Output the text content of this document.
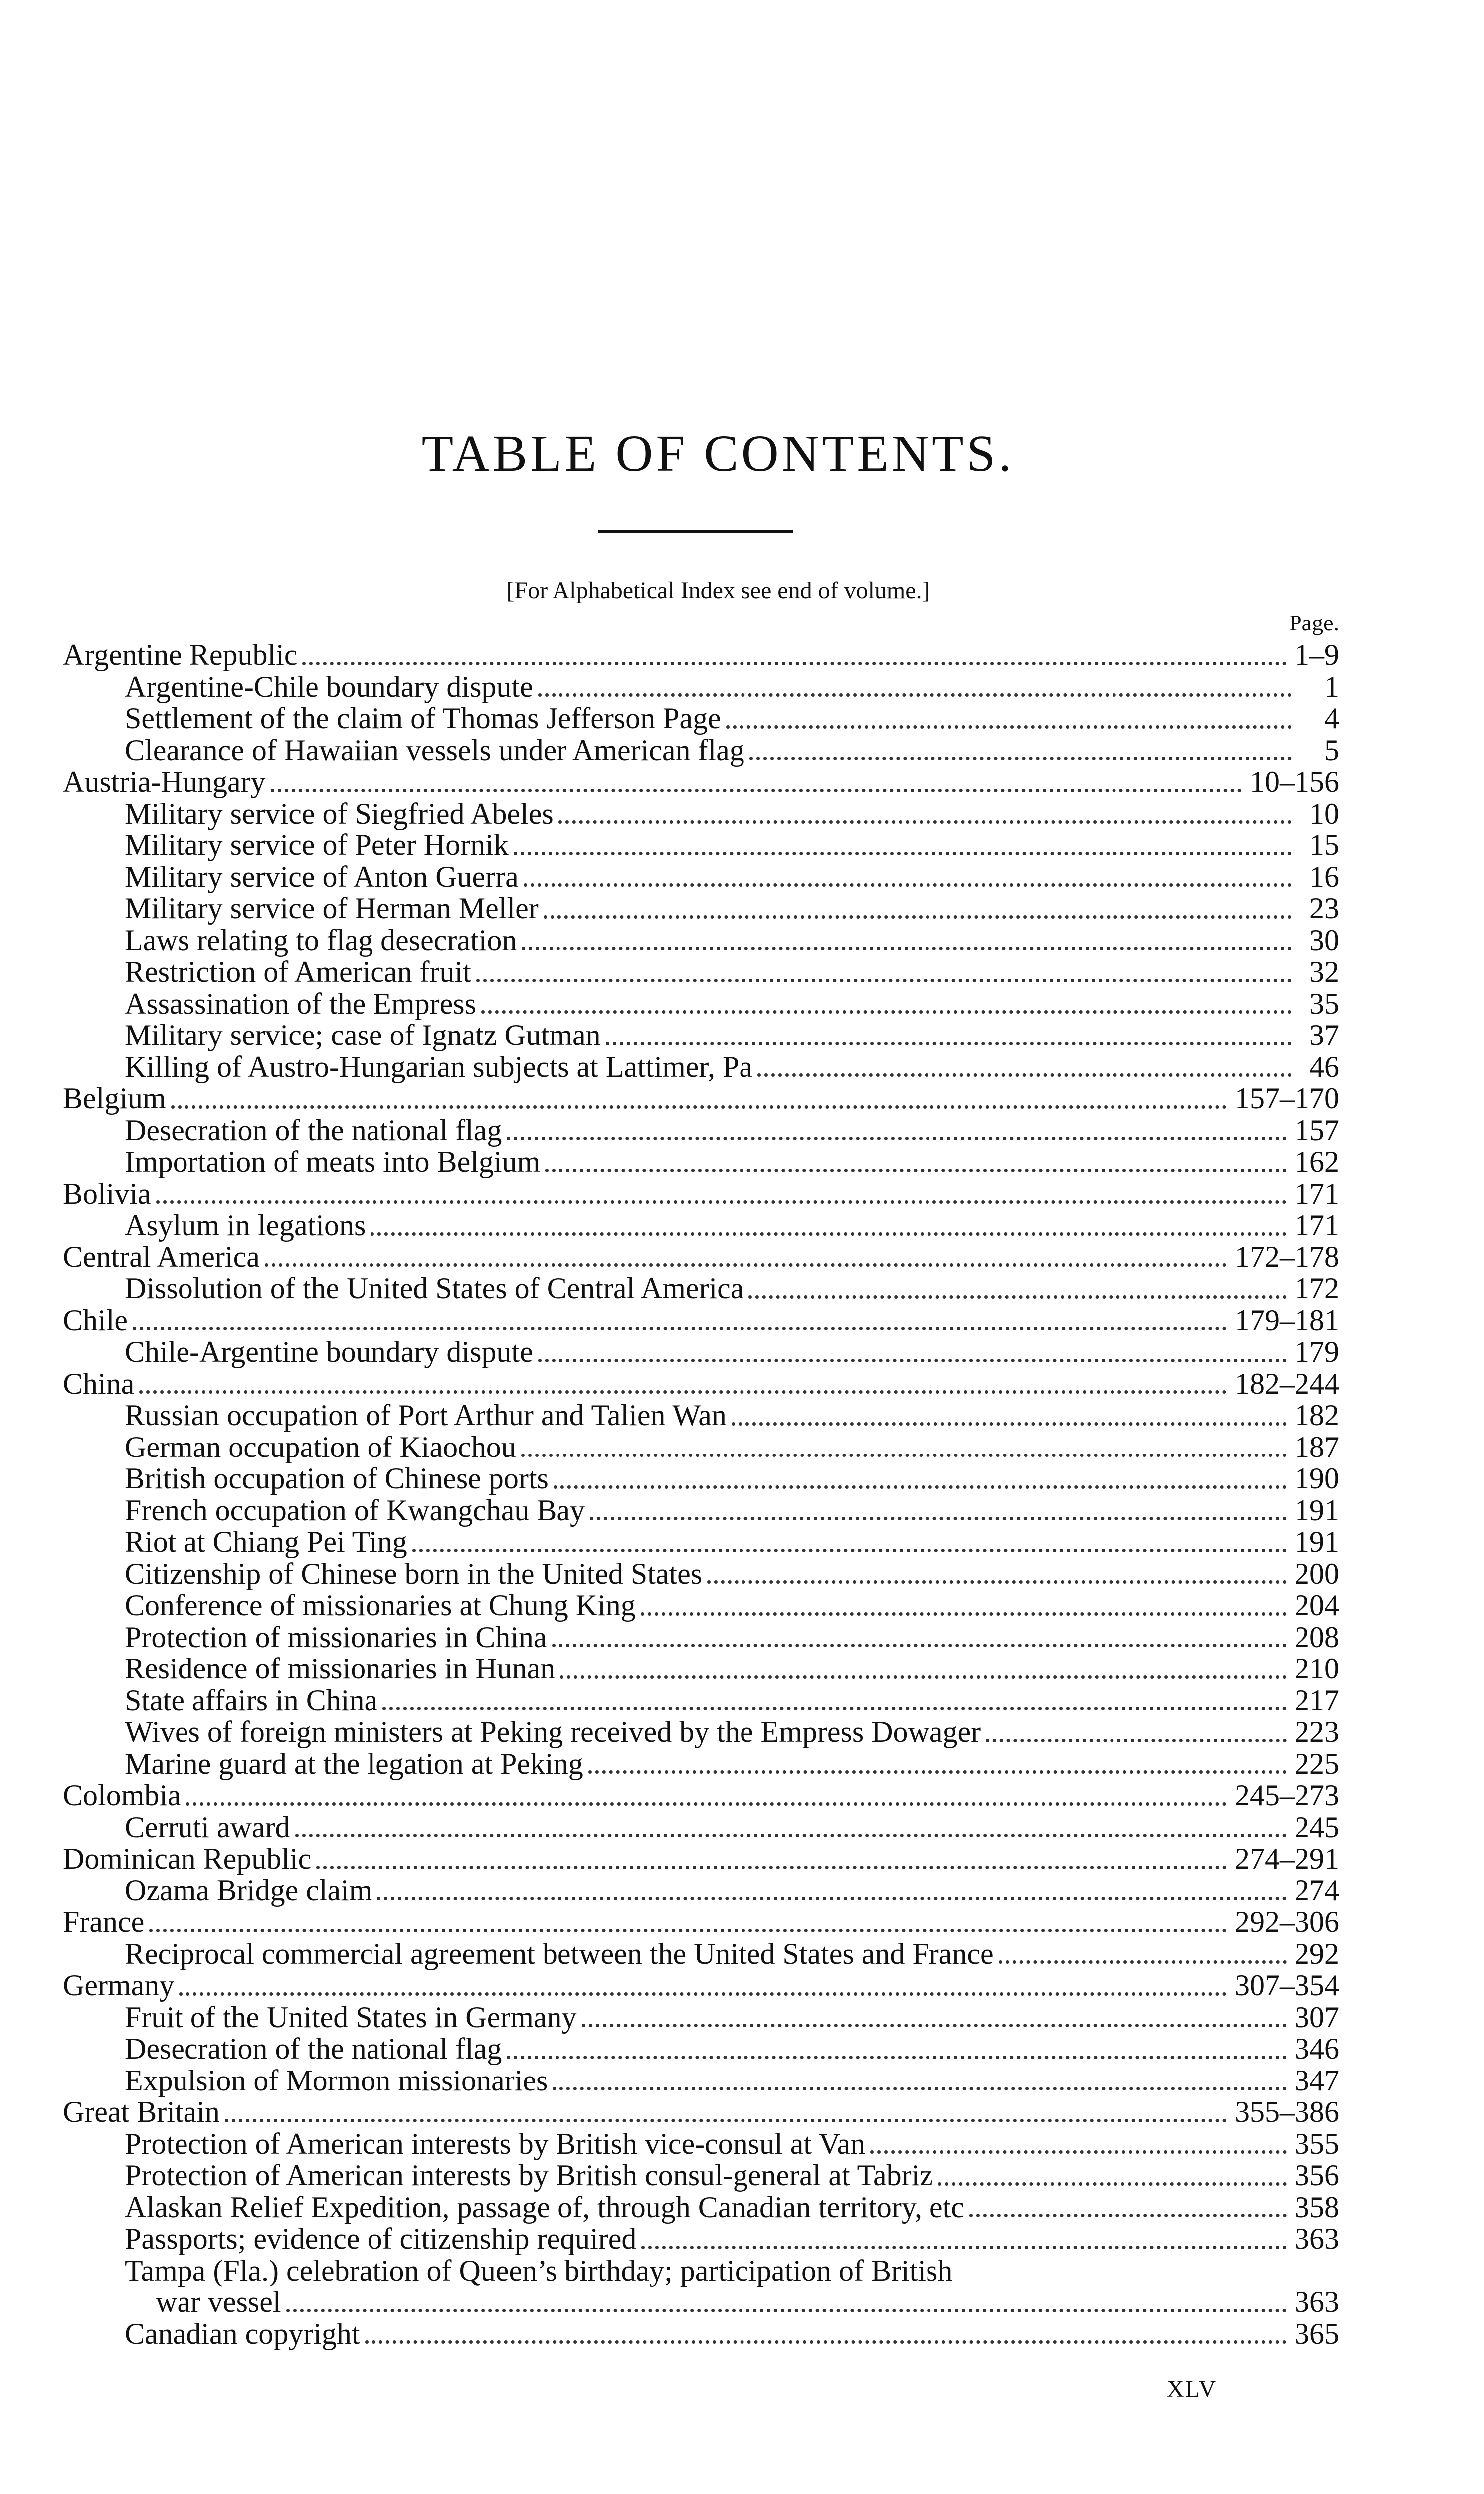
TABLE OF CONTENTS.
[For Alphabetical Index see end of volume.]
Page.
Argentine Republic	1–9
Argentine-Chile boundary dispute	1
Settlement of the claim of Thomas Jefferson Page	4
Clearance of Hawaiian vessels under American flag	5
Austria-Hungary	10–156
Military service of Siegfried Abeles	10
Military service of Peter Hornik	15
Military service of Anton Guerra	16
Military service of Herman Meller	23
Laws relating to flag desecration	30
Restriction of American fruit	32
Assassination of the Empress	35
Military service; case of Ignatz Gutman	37
Killing of Austro-Hungarian subjects at Lattimer, Pa	46
Belgium	157–170
Desecration of the national flag	157
Importation of meats into Belgium	162
Bolivia	171
Asylum in legations	171
Central America	172–178
Dissolution of the United States of Central America	172
Chile	179–181
Chile-Argentine boundary dispute	179
China	182–244
Russian occupation of Port Arthur and Talien Wan	182
German occupation of Kiaochou	187
British occupation of Chinese ports	190
French occupation of Kwangchau Bay	191
Riot at Chiang Pei Ting	191
Citizenship of Chinese born in the United States	200
Conference of missionaries at Chung King	204
Protection of missionaries in China	208
Residence of missionaries in Hunan	210
State affairs in China	217
Wives of foreign ministers at Peking received by the Empress Dowager	223
Marine guard at the legation at Peking	225
Colombia	245–273
Cerruti award	245
Dominican Republic	274–291
Ozama Bridge claim	274
France	292–306
Reciprocal commercial agreement between the United States and France	292
Germany	307–354
Fruit of the United States in Germany	307
Desecration of the national flag	346
Expulsion of Mormon missionaries	347
Great Britain	355–386
Protection of American interests by British vice-consul at Van	355
Protection of American interests by British consul-general at Tabriz	356
Alaskan Relief Expedition, passage of, through Canadian territory, etc	358
Passports; evidence of citizenship required	363
Tampa (Fla.) celebration of Queen’s birthday; participation of British
war vessel	363
Canadian copyright	365
XLV
